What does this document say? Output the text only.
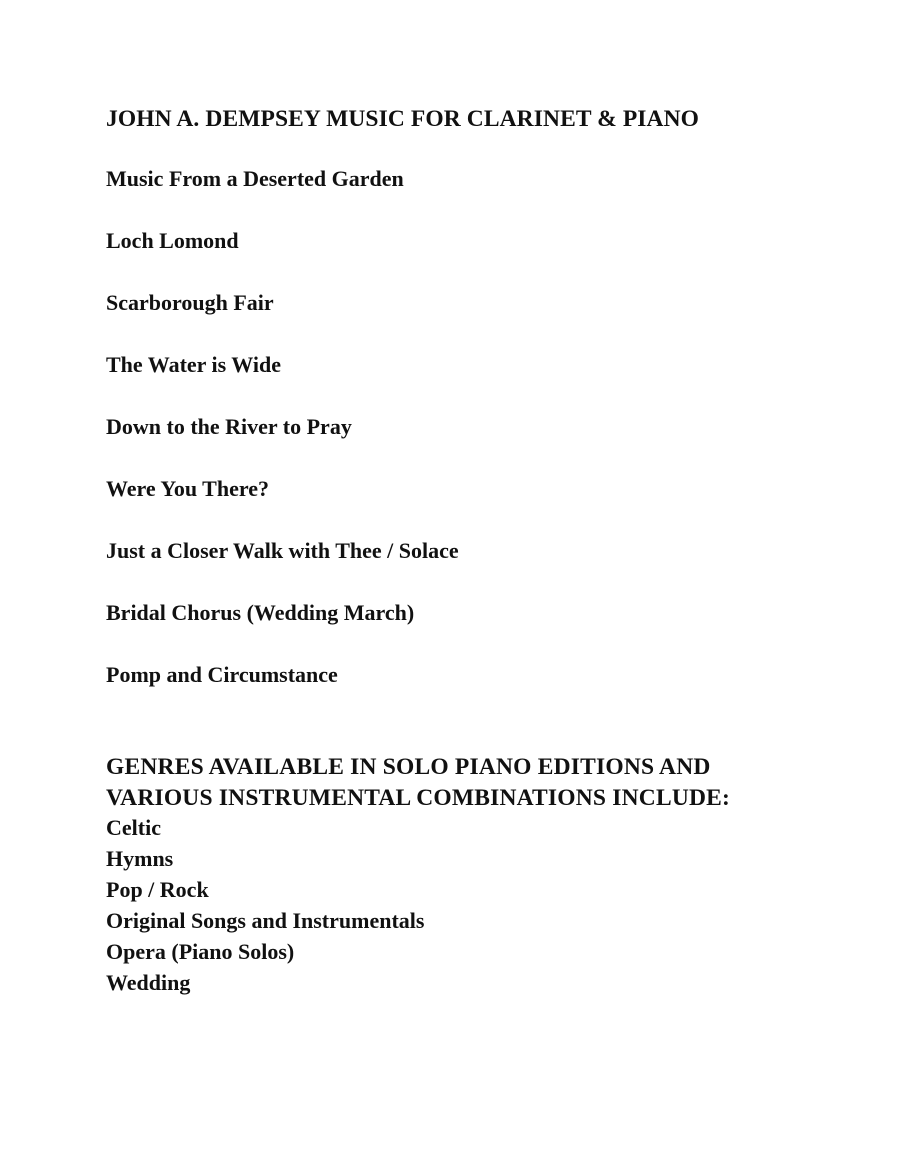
JOHN A. DEMPSEY MUSIC FOR CLARINET & PIANO
Music From a Deserted Garden
Loch Lomond
Scarborough Fair
The Water is Wide
Down to the River to Pray
Were You There?
Just a Closer Walk with Thee / Solace
Bridal Chorus (Wedding March)
Pomp and Circumstance
GENRES AVAILABLE IN SOLO PIANO EDITIONS AND
VARIOUS INSTRUMENTAL COMBINATIONS INCLUDE:
Celtic
Hymns
Pop / Rock
Original Songs and Instrumentals
Opera (Piano Solos)
Wedding
